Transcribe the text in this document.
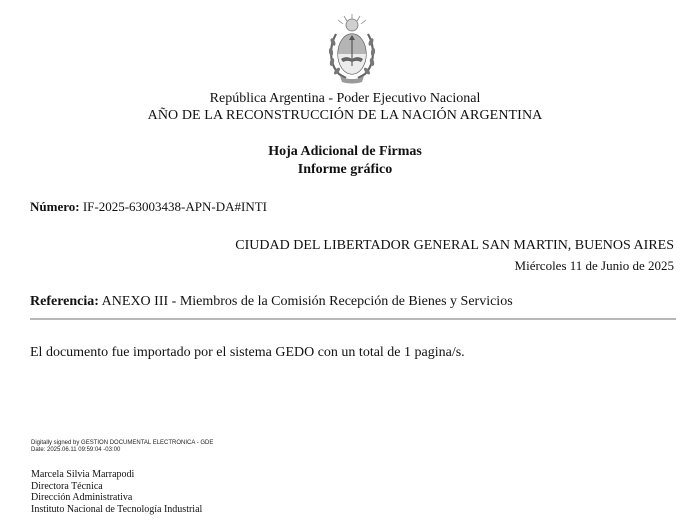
República Argentina - Poder Ejecutivo Nacional
AÑO DE LA RECONSTRUCCIÓN DE LA NACIÓN ARGENTINA
Hoja Adicional de Firmas
Informe gráfico
Número: IF-2025-63003438-APN-DA#INTI
CIUDAD DEL LIBERTADOR GENERAL SAN MARTIN, BUENOS AIRES
Miércoles 11 de Junio de 2025
Referencia: ANEXO III - Miembros de la Comisión Recepción de Bienes y Servicios
El documento fue importado por el sistema GEDO con un total de 1 pagina/s.
Digitally signed by GESTION DOCUMENTAL ELECTRONICA - GDE
Date: 2025.06.11 09:59:04 -03:00
Marcela Silvia Marrapodi
Directora Técnica
Dirección Administrativa
Instituto Nacional de Tecnología Industrial
